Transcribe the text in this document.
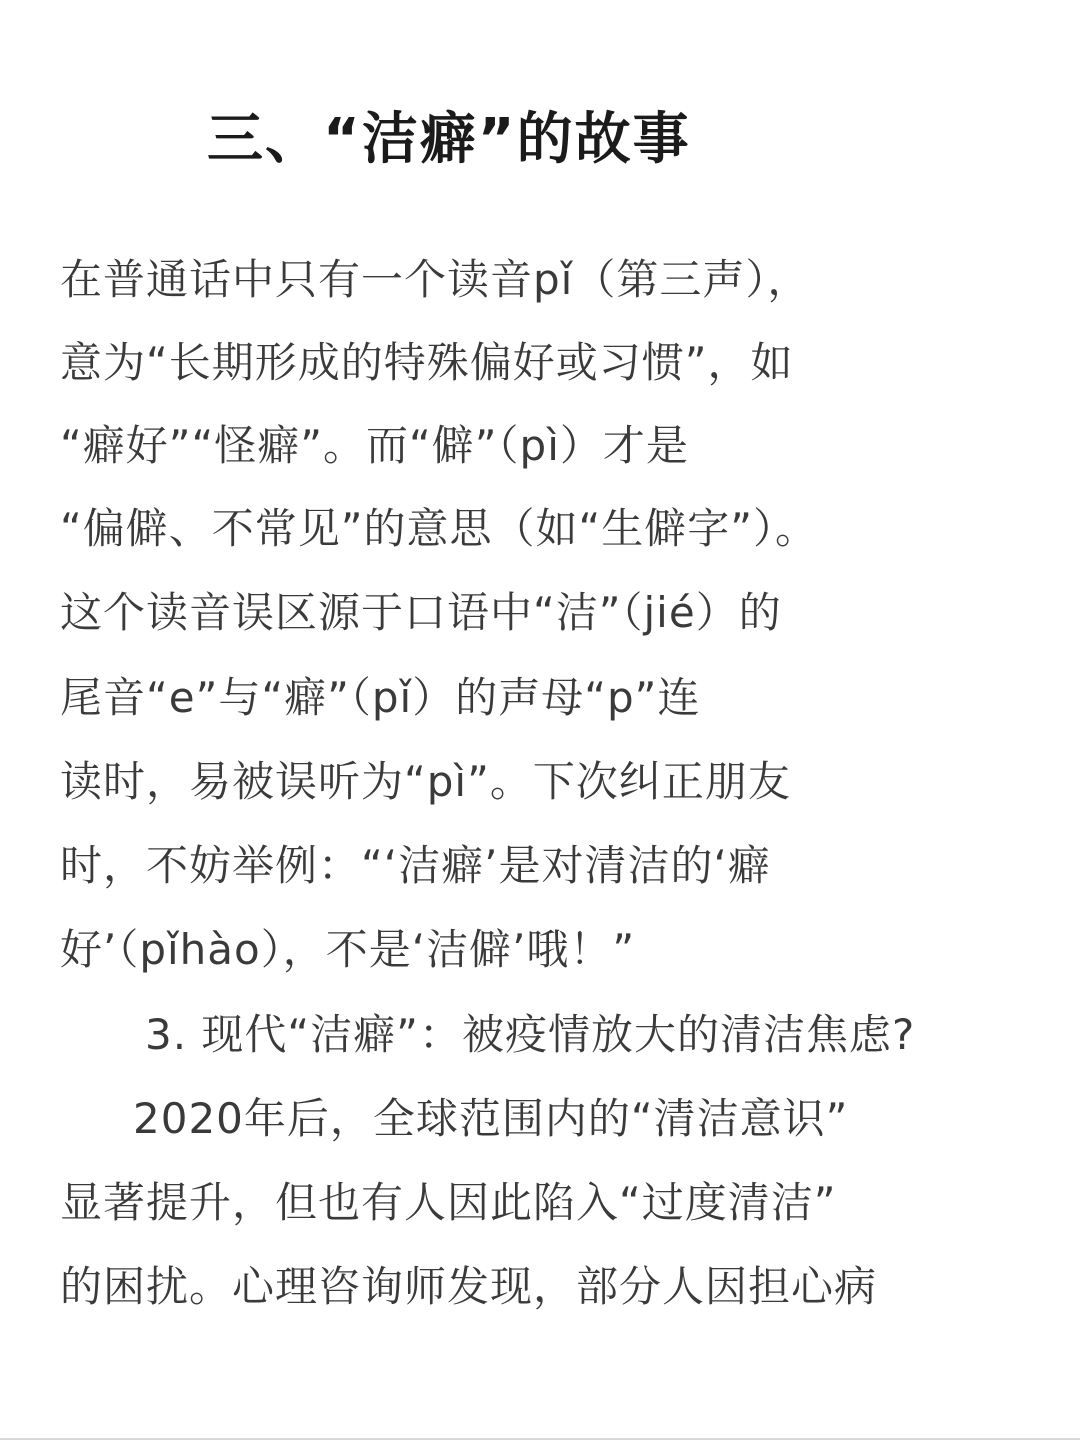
三、“洁癖”的故事
在普通话中只有一个读音pǐ（第三声），
意为“长期形成的特殊偏好或习惯”，如
“癖好”“怪癖”。而“僻”（pì）才是
“偏僻、不常见”的意思（如“生僻字”）。
这个读音误区源于口语中“洁”（jié）的
尾音“e”与“癖”（pǐ）的声母“p”连
读时，易被误听为“pì”。下次纠正朋友
时，不妨举例：“‘洁癖’是对清洁的‘癖
好’（pǐhào），不是‘洁僻’哦！”
3. 现代“洁癖”：被疫情放大的清洁焦虑?
2020年后，全球范围内的“清洁意识”
显著提升，但也有人因此陷入“过度清洁”
的困扰。心理咨询师发现，部分人因担心病
